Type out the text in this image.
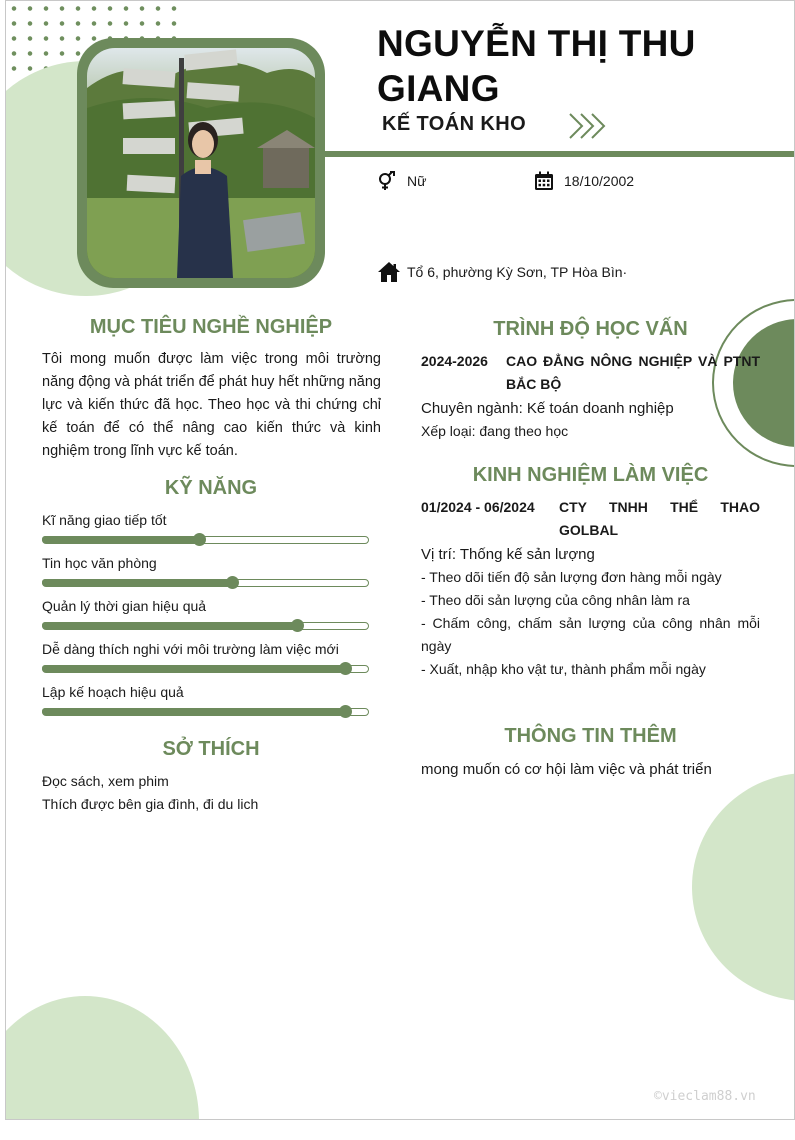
NGUYỄN THỊ THU GIANG
KẾ TOÁN KHO
Nữ	18/10/2002
Tổ 6, phường Kỳ Sơn, TP Hòa Bìn·
MỤC TIÊU NGHỀ NGHIỆP
Tôi mong muốn được làm việc trong môi trường năng động và phát triển để phát huy hết những năng lực và kiến thức đã học. Theo học và thi chứng chỉ kế toán để có thể nâng cao kiến thức và kinh nghiệm trong lĩnh vực kế toán.
KỸ NĂNG
Kĩ năng giao tiếp tốt
Tin học văn phòng
Quản lý thời gian hiệu quả
Dễ dàng thích nghi với môi trường làm việc mới
Lập kế hoạch hiệu quả
SỞ THÍCH
Đọc sách, xem phim
Thích được bên gia đình, đi du lich
TRÌNH ĐỘ HỌC VẤN
2024-2026 CAO ĐẲNG NÔNG NGHIỆP VÀ PTNT BẮC BỘ
Chuyên ngành: Kế toán doanh nghiệp
Xếp loại: đang theo học
KINH NGHIỆM LÀM VIỆC
01/2024 - 06/2024 CTY TNHH THỂ THAO GOLBAL
Vị trí: Thống kế sản lượng
- Theo dõi tiến độ sản lượng đơn hàng mỗi ngày
- Theo dõi sản lượng của công nhân làm ra
- Chấm công, chấm sản lượng của công nhân mỗi ngày
- Xuất, nhập kho vật tư, thành phẩm mỗi ngày
THÔNG TIN THÊM
mong muốn có cơ hội làm việc và phát triển
©vieclam88.vn
